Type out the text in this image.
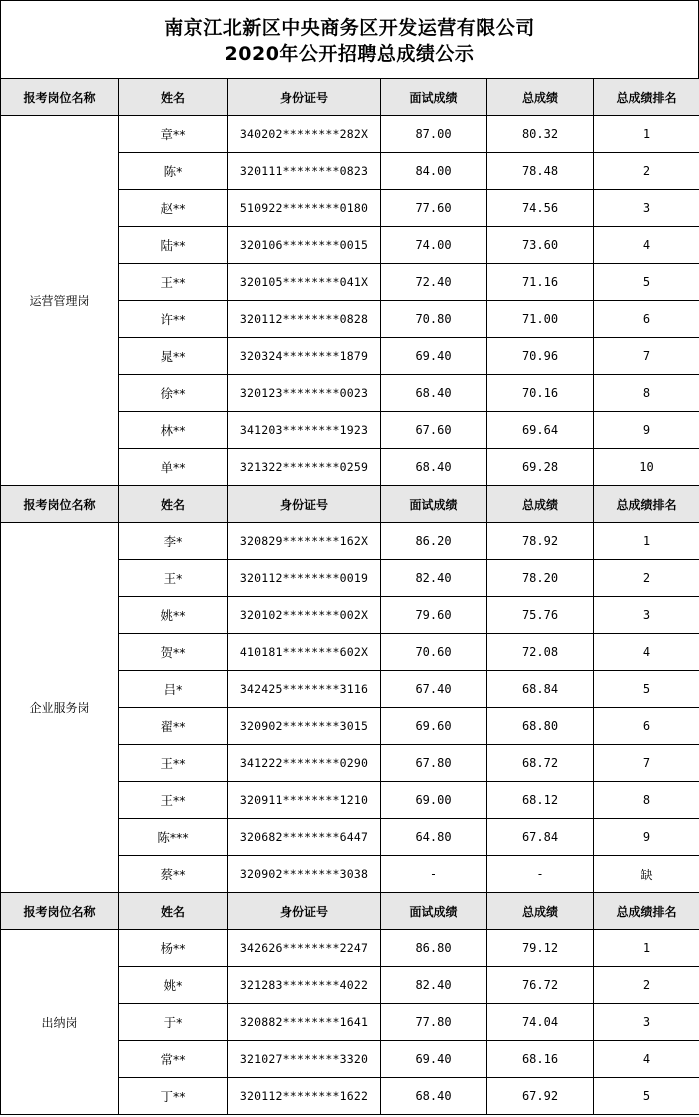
南京江北新区中央商务区开发运营有限公司
2020年公开招聘总成绩公示
报考岗位名称	姓名	身份证号	面试成绩	总成绩	总成绩排名
运营管理岗	章**	340202********282X	87.00	80.32	1
	陈*	320111********0823	84.00	78.48	2
	赵**	510922********0180	77.60	74.56	3
	陆**	320106********0015	74.00	73.60	4
	王**	320105********041X	72.40	71.16	5
	许**	320112********0828	70.80	71.00	6
	晁**	320324********1879	69.40	70.96	7
	徐**	320123********0023	68.40	70.16	8
	林**	341203********1923	67.60	69.64	9
	单**	321322********0259	68.40	69.28	10
报考岗位名称	姓名	身份证号	面试成绩	总成绩	总成绩排名
企业服务岗	李*	320829********162X	86.20	78.92	1
	王*	320112********0019	82.40	78.20	2
	姚**	320102********002X	79.60	75.76	3
	贺**	410181********602X	70.60	72.08	4
	吕*	342425********3116	67.40	68.84	5
	翟**	320902********3015	69.60	68.80	6
	王**	341222********0290	67.80	68.72	7
	王**	320911********1210	69.00	68.12	8
	陈***	320682********6447	64.80	67.84	9
	蔡**	320902********3038	-	-	缺
报考岗位名称	姓名	身份证号	面试成绩	总成绩	总成绩排名
出纳岗	杨**	342626********2247	86.80	79.12	1
	姚*	321283********4022	82.40	76.72	2
	于*	320882********1641	77.80	74.04	3
	常**	321027********3320	69.40	68.16	4
	丁**	320112********1622	68.40	67.92	5
